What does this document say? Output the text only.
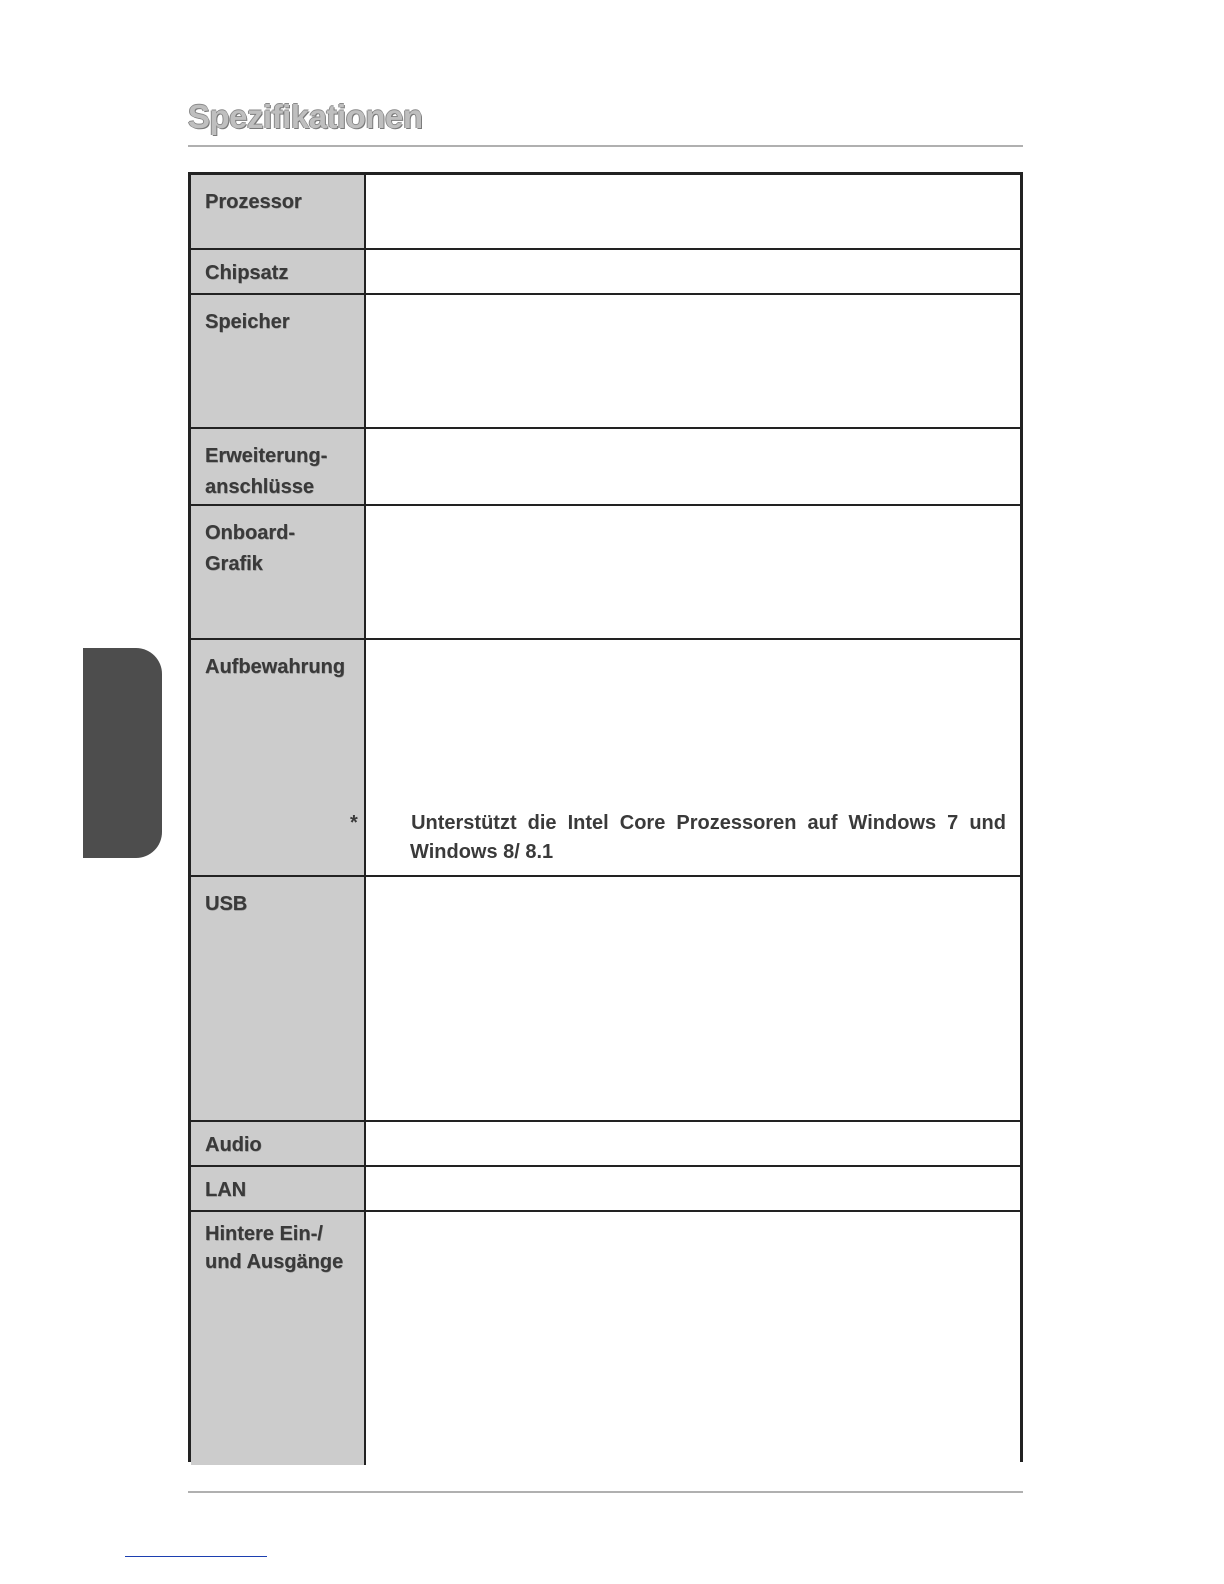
Spezifikationen
Prozessor
Chipsatz
Speicher
Erweiterung-
anschlüsse
Onboard-
Grafik
Aufbewahrung
*	Unterstützt die Intel Core Prozessoren auf Windows 7 und Windows 8/ 8.1
USB
Audio
LAN
Hintere Ein-/
und Ausgänge
